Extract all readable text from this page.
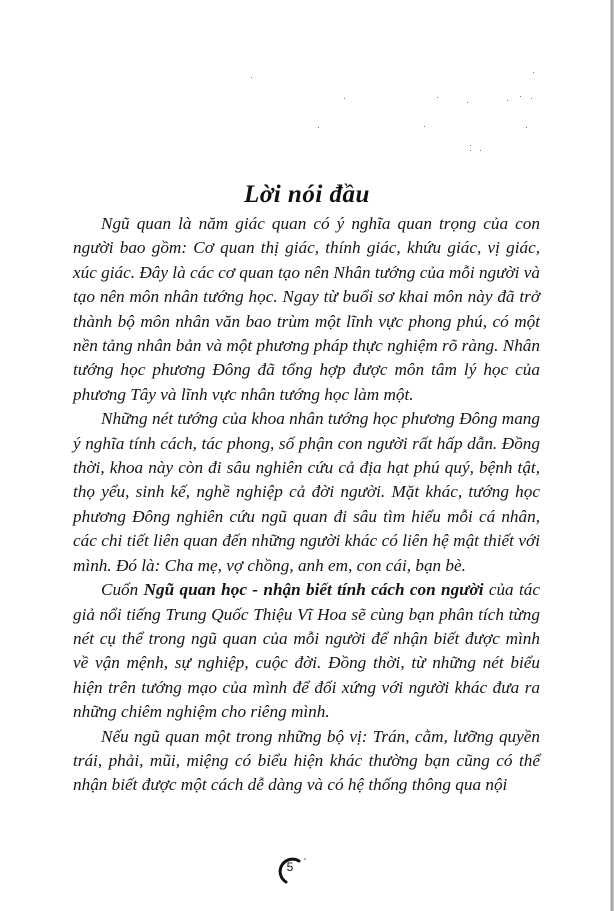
Lời nói đầu

Ngũ quan là năm giác quan có ý nghĩa quan trọng của con người bao gồm: Cơ quan thị giác, thính giác, khứu giác, vị giác, xúc giác. Đây là các cơ quan tạo nên Nhân tướng của mỗi người và tạo nên môn nhân tướng học. Ngay từ buổi sơ khai môn này đã trở thành bộ môn nhân văn bao trùm một lĩnh vực phong phú, có một nền tảng nhân bản và một phương pháp thực nghiệm rõ ràng. Nhân tướng học phương Đông đã tổng hợp được môn tâm lý học của phương Tây và lĩnh vực nhân tướng học làm một.

Những nét tướng của khoa nhân tướng học phương Đông mang ý nghĩa tính cách, tác phong, số phận con người rất hấp dẫn. Đồng thời, khoa này còn đi sâu nghiên cứu cả địa hạt phú quý, bệnh tật, thọ yểu, sinh kế, nghề nghiệp cả đời người. Mặt khác, tướng học phương Đông nghiên cứu ngũ quan đi sâu tìm hiểu mỗi cá nhân, các chi tiết liên quan đến những người khác có liên hệ mật thiết với mình. Đó là: Cha mẹ, vợ chồng, anh em, con cái, bạn bè.

Cuốn Ngũ quan học - nhận biết tính cách con người của tác giả nổi tiếng Trung Quốc Thiệu Vĩ Hoa sẽ cùng bạn phân tích từng nét cụ thể trong ngũ quan của mỗi người để nhận biết được mình về vận mệnh, sự nghiệp, cuộc đời. Đồng thời, từ những nét biểu hiện trên tướng mạo của mình để đối xứng với người khác đưa ra những chiêm nghiệm cho riêng mình.

Nếu ngũ quan một trong những bộ vị: Trán, cằm, lưỡng quyền trái, phải, mũi, miệng có biểu hiện khác thường bạn cũng có thể nhận biết được một cách dễ dàng và có hệ thống thông qua nội

5
